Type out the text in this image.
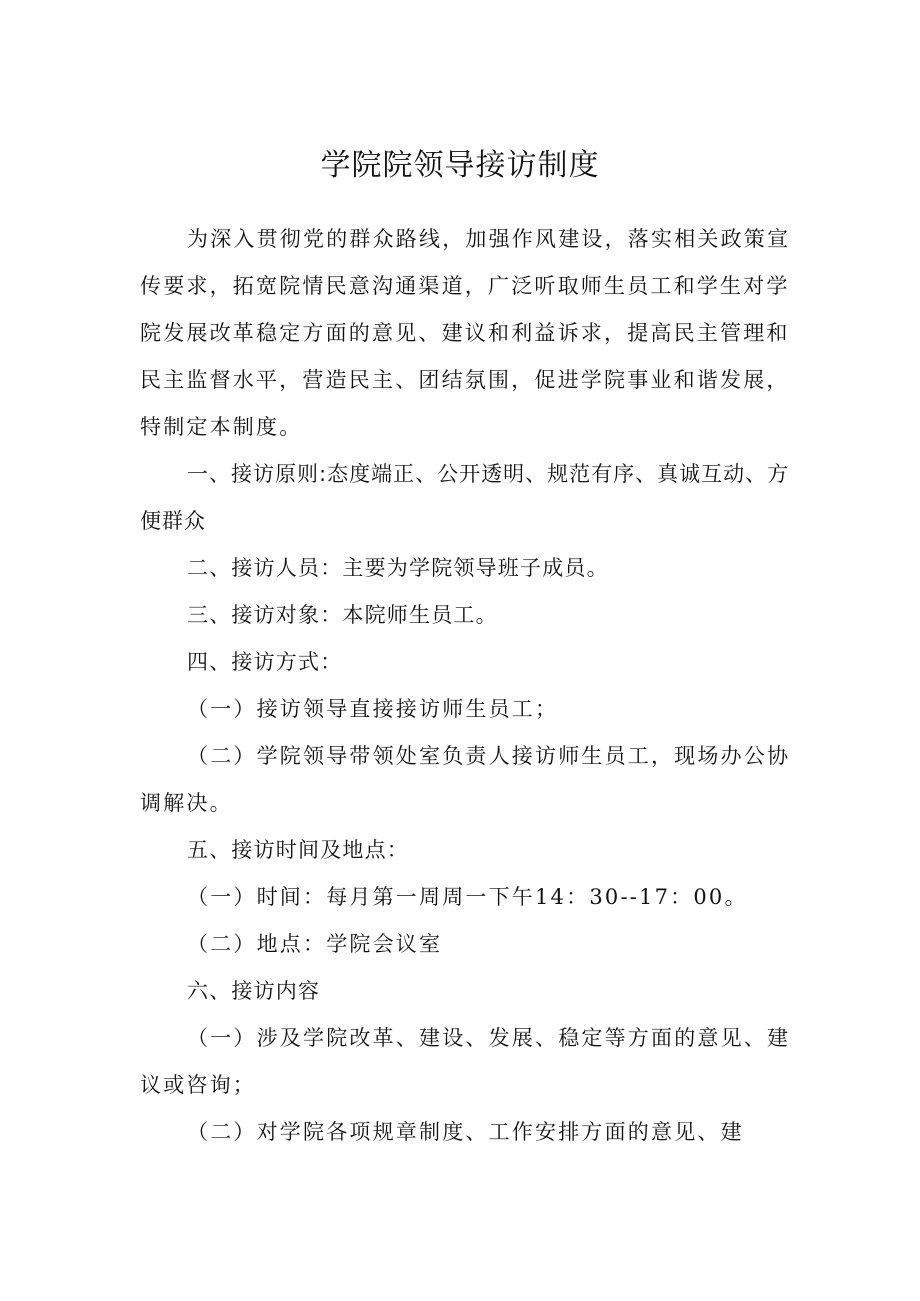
学院院领导接访制度

为深入贯彻党的群众路线，加强作风建设，落实相关政策宣传要求，拓宽院情民意沟通渠道，广泛听取师生员工和学生对学院发展改革稳定方面的意见、建议和利益诉求，提高民主管理和民主监督水平，营造民主、团结氛围，促进学院事业和谐发展，特制定本制度。

一、接访原则:态度端正、公开透明、规范有序、真诚互动、方便群众

二、接访人员：主要为学院领导班子成员。

三、接访对象：本院师生员工。

四、接访方式：

（一）接访领导直接接访师生员工；

（二）学院领导带领处室负责人接访师生员工，现场办公协调解决。

五、接访时间及地点：

（一）时间：每月第一周周一下午14：30--17：00。

（二）地点：学院会议室

六、接访内容

（一）涉及学院改革、建设、发展、稳定等方面的意见、建议或咨询；

（二）对学院各项规章制度、工作安排方面的意见、建
